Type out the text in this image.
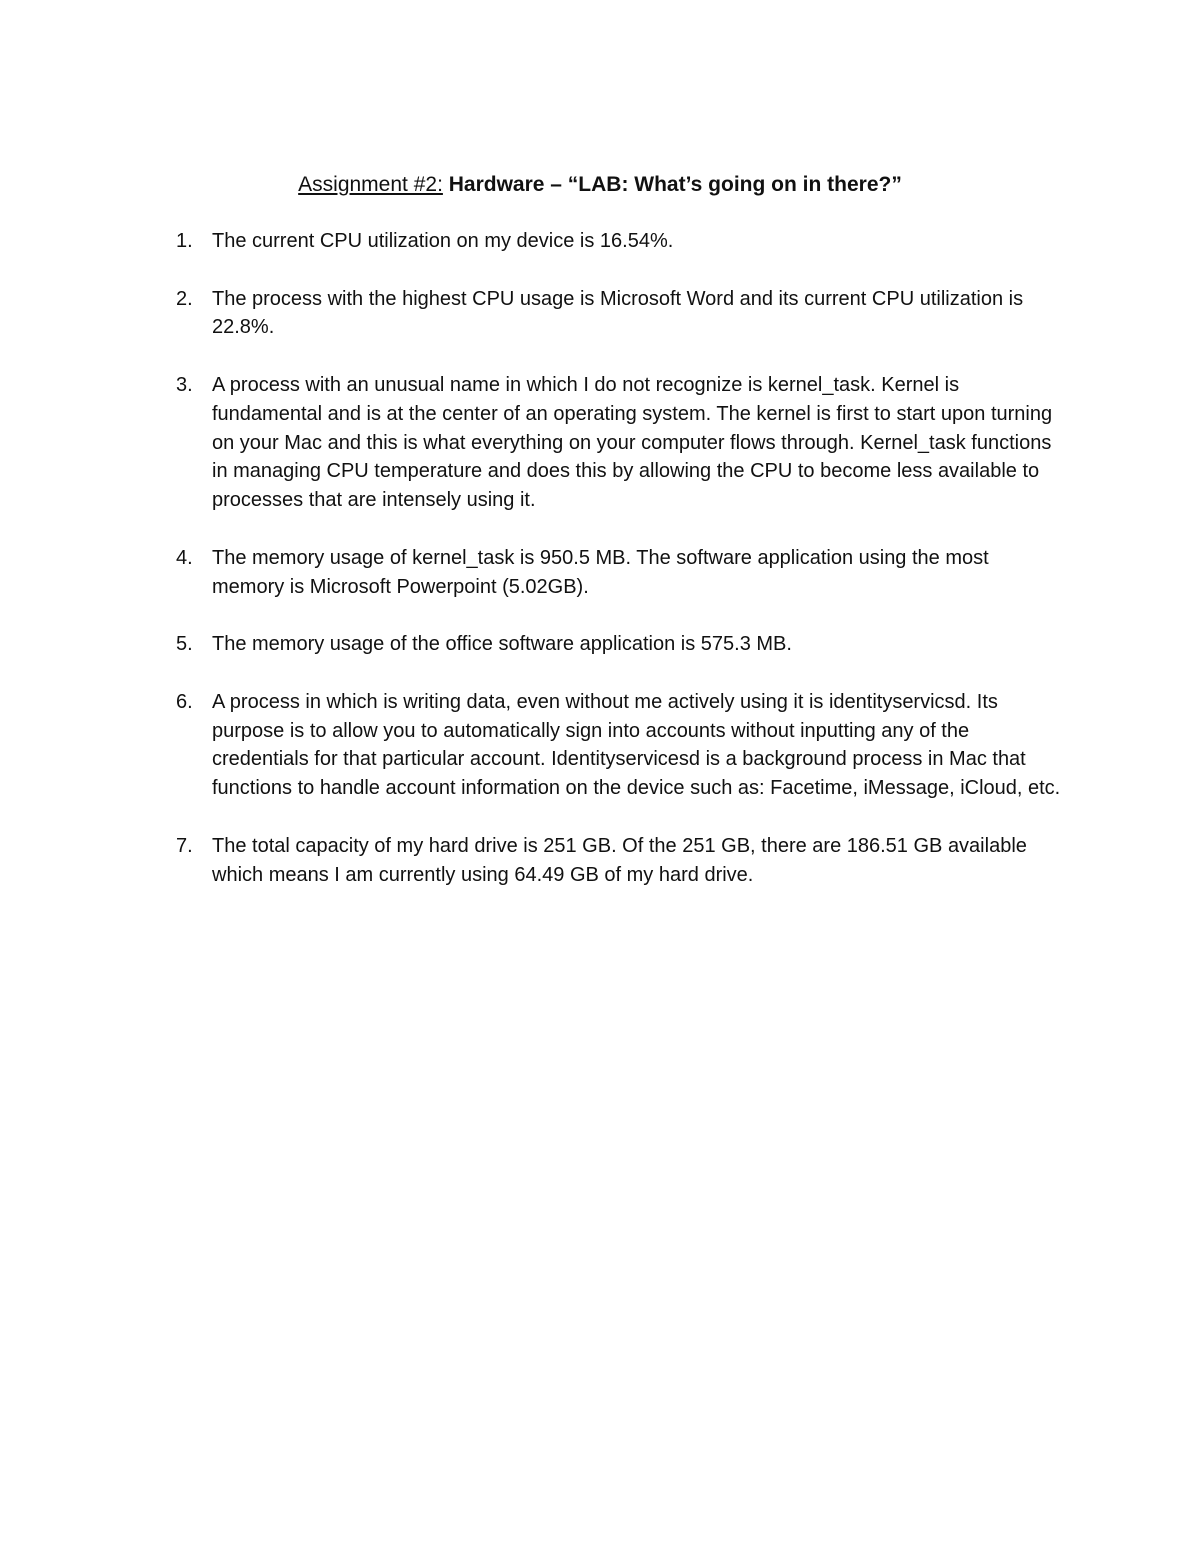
Assignment #2: Hardware – “LAB: What’s going on in there?”
1. The current CPU utilization on my device is 16.54%.
2. The process with the highest CPU usage is Microsoft Word and its current CPU utilization is 22.8%.
3. A process with an unusual name in which I do not recognize is kernel_task. Kernel is fundamental and is at the center of an operating system. The kernel is first to start upon turning on your Mac and this is what everything on your computer flows through. Kernel_task functions in managing CPU temperature and does this by allowing the CPU to become less available to processes that are intensely using it.
4. The memory usage of kernel_task is 950.5 MB. The software application using the most memory is Microsoft Powerpoint (5.02GB).
5. The memory usage of the office software application is 575.3 MB.
6. A process in which is writing data, even without me actively using it is identityservicsd. Its purpose is to allow you to automatically sign into accounts without inputting any of the credentials for that particular account. Identityservicesd is a background process in Mac that functions to handle account information on the device such as: Facetime, iMessage, iCloud, etc.
7. The total capacity of my hard drive is 251 GB. Of the 251 GB, there are 186.51 GB available which means I am currently using 64.49 GB of my hard drive.
